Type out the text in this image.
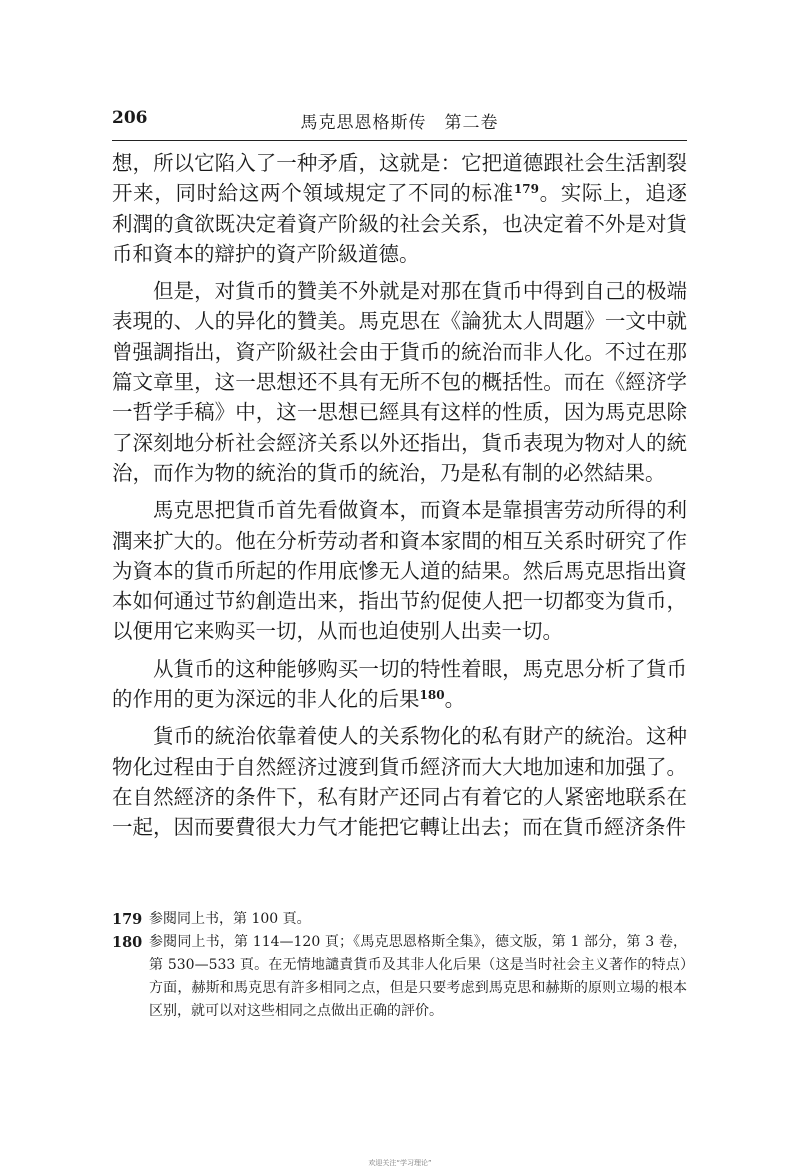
206	馬克思恩格斯传　第二卷

想，所以它陷入了一种矛盾，这就是：它把道德跟社会生活割裂开来，同时給这两个領域規定了不同的标准$^{179}$。实际上，追逐利潤的貪欲既决定着資产阶級的社会关系，也决定着不外是对貨币和資本的辯护的資产阶級道德。

但是，对貨币的贊美不外就是对那在貨币中得到自己的极端表現的、人的异化的贊美。馬克思在《論犹太人問題》一文中就曾强調指出，資产阶級社会由于貨币的統治而非人化。不过在那篇文章里，这一思想还不具有无所不包的概括性。而在《經济学一哲学手稿》中，这一思想已經具有这样的性质，因为馬克思除了深刻地分析社会經济关系以外还指出，貨币表現为物对人的統治，而作为物的統治的貨币的統治，乃是私有制的必然結果。

馬克思把貨币首先看做資本，而資本是靠損害劳动所得的利潤来扩大的。他在分析劳动者和資本家間的相互关系时研究了作为資本的貨币所起的作用底慘无人道的結果。然后馬克思指出資本如何通过节約創造出来，指出节約促使人把一切都变为貨币，以便用它来购买一切，从而也迫使别人出卖一切。

从貨币的这种能够购买一切的特性着眼，馬克思分析了貨币的作用的更为深远的非人化的后果$^{180}$。

貨币的統治依靠着使人的关系物化的私有財产的統治。这种物化过程由于自然經济过渡到貨币經济而大大地加速和加强了。在自然經济的条件下，私有財产还同占有着它的人紧密地联系在一起，因而要費很大力气才能把它轉让出去；而在貨币經济条件

179 参閱同上书，第 100 頁。
180 参閱同上书，第 114—120 頁；《馬克思恩格斯全集》，德文版，第 1 部分，第 3 卷，第 530—533 頁。在无情地譴責貨币及其非人化后果（这是当时社会主义著作的特点）方面，赫斯和馬克思有許多相同之点，但是只要考虑到馬克思和赫斯的原则立場的根本区别，就可以对这些相同之点做出正确的評价。
欢迎关注“学习理论”
